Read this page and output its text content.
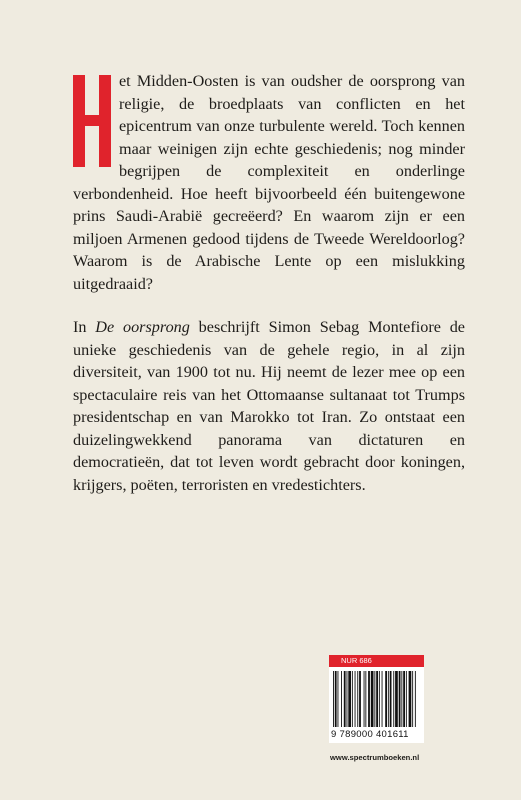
et Midden-Oosten is van oudsher de oorsprong van religie, de broedplaats van conflicten en het epicentrum van onze turbulente wereld. Toch kennen maar weinigen zijn echte geschiedenis; nog minder begrijpen de complexiteit en onderlinge verbondenheid. Hoe heeft bijvoorbeeld één buitengewone prins Saudi-Arabië gecreëerd? En waarom zijn er een miljoen Armenen gedood tijdens de Tweede Wereldoorlog? Waarom is de Arabische Lente op een mislukking uitgedraaid?

In De oorsprong beschrijft Simon Sebag Montefiore de unieke geschiedenis van de gehele regio, in al zijn diversiteit, van 1900 tot nu. Hij neemt de lezer mee op een spectaculaire reis van het Ottomaanse sultanaat tot Trumps presidentschap en van Marokko tot Iran. Zo ontstaat een duizelingwekkend panorama van dictaturen en democratieën, dat tot leven wordt gebracht door koningen, krijgers, poëten, terroristen en vredestichters.

NUR 686
9 789000 401611
www.spectrumboeken.nl
